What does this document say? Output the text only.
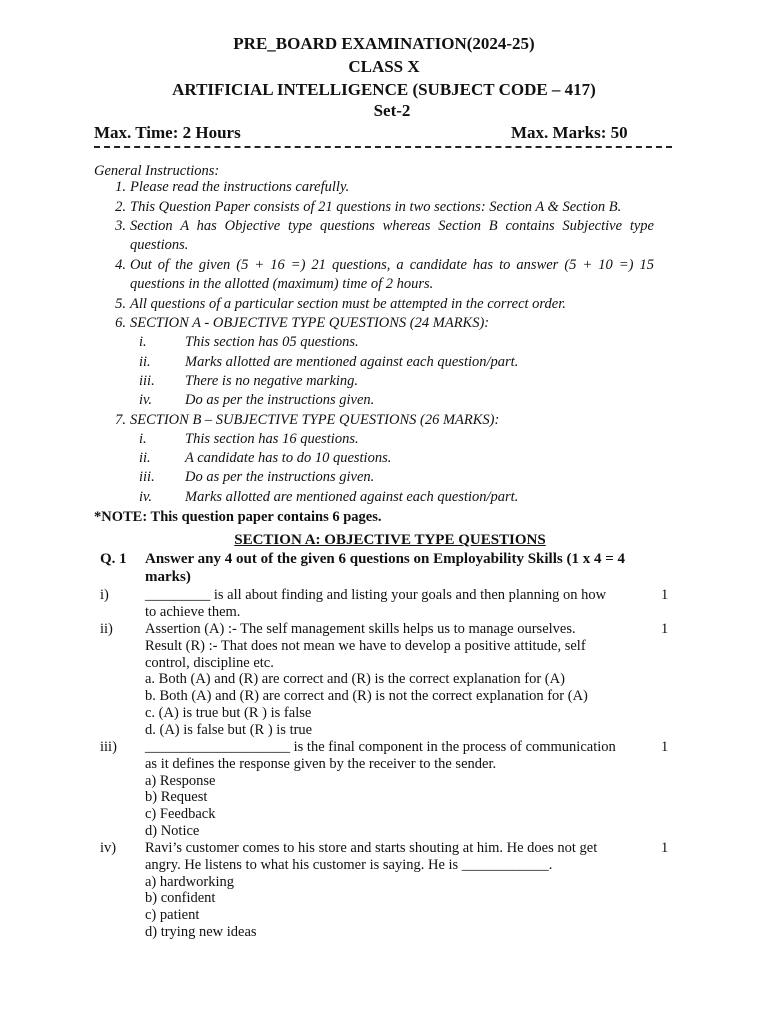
PRE_BOARD EXAMINATION(2024-25)
CLASS X
ARTIFICIAL INTELLIGENCE (SUBJECT CODE – 417)
Set-2
Max. Time: 2 Hours	Max. Marks: 50
General Instructions:
1. Please read the instructions carefully.
2. This Question Paper consists of 21 questions in two sections: Section A & Section B.
3. Section A has Objective type questions whereas Section B contains Subjective type questions.
4. Out of the given (5 + 16 =) 21 questions, a candidate has to answer (5 + 10 =) 15 questions in the allotted (maximum) time of 2 hours.
5. All questions of a particular section must be attempted in the correct order.
6. SECTION A - OBJECTIVE TYPE QUESTIONS (24 MARKS):
i.	This section has 05 questions.
ii. Marks allotted are mentioned against each question/part.
iii. There is no negative marking.
iv. Do as per the instructions given.
7. SECTION B – SUBJECTIVE TYPE QUESTIONS (26 MARKS):
i.	This section has 16 questions.
ii. A candidate has to do 10 questions.
iii. Do as per the instructions given.
iv. Marks allotted are mentioned against each question/part.
*NOTE: This question paper contains 6 pages.
SECTION A: OBJECTIVE TYPE QUESTIONS
Q. 1 Answer any 4 out of the given 6 questions on Employability Skills (1 x 4 = 4 marks)
i)	_________ is all about finding and listing your goals and then planning on how
to achieve them.
1
ii)	Assertion (A) :- The self management skills helps us to manage ourselves.
Result (R) :- That does not mean we have to develop a positive attitude, self
control, discipline etc.
a. Both (A) and (R) are correct and (R) is the correct explanation for (A)
b. Both (A) and (R) are correct and (R) is not the correct explanation for (A)
c. (A) is true but (R ) is false
d. (A) is false but (R ) is true
1
iii)	____________________ is the final component in the process of communication
as it defines the response given by the receiver to the sender.
a) Response
b) Request
c) Feedback
d) Notice
1
iv)	Ravi’s customer comes to his store and starts shouting at him. He does not get
angry. He listens to what his customer is saying. He is ____________.
a) hardworking
b) confident
c) patient
d) trying new ideas
1
